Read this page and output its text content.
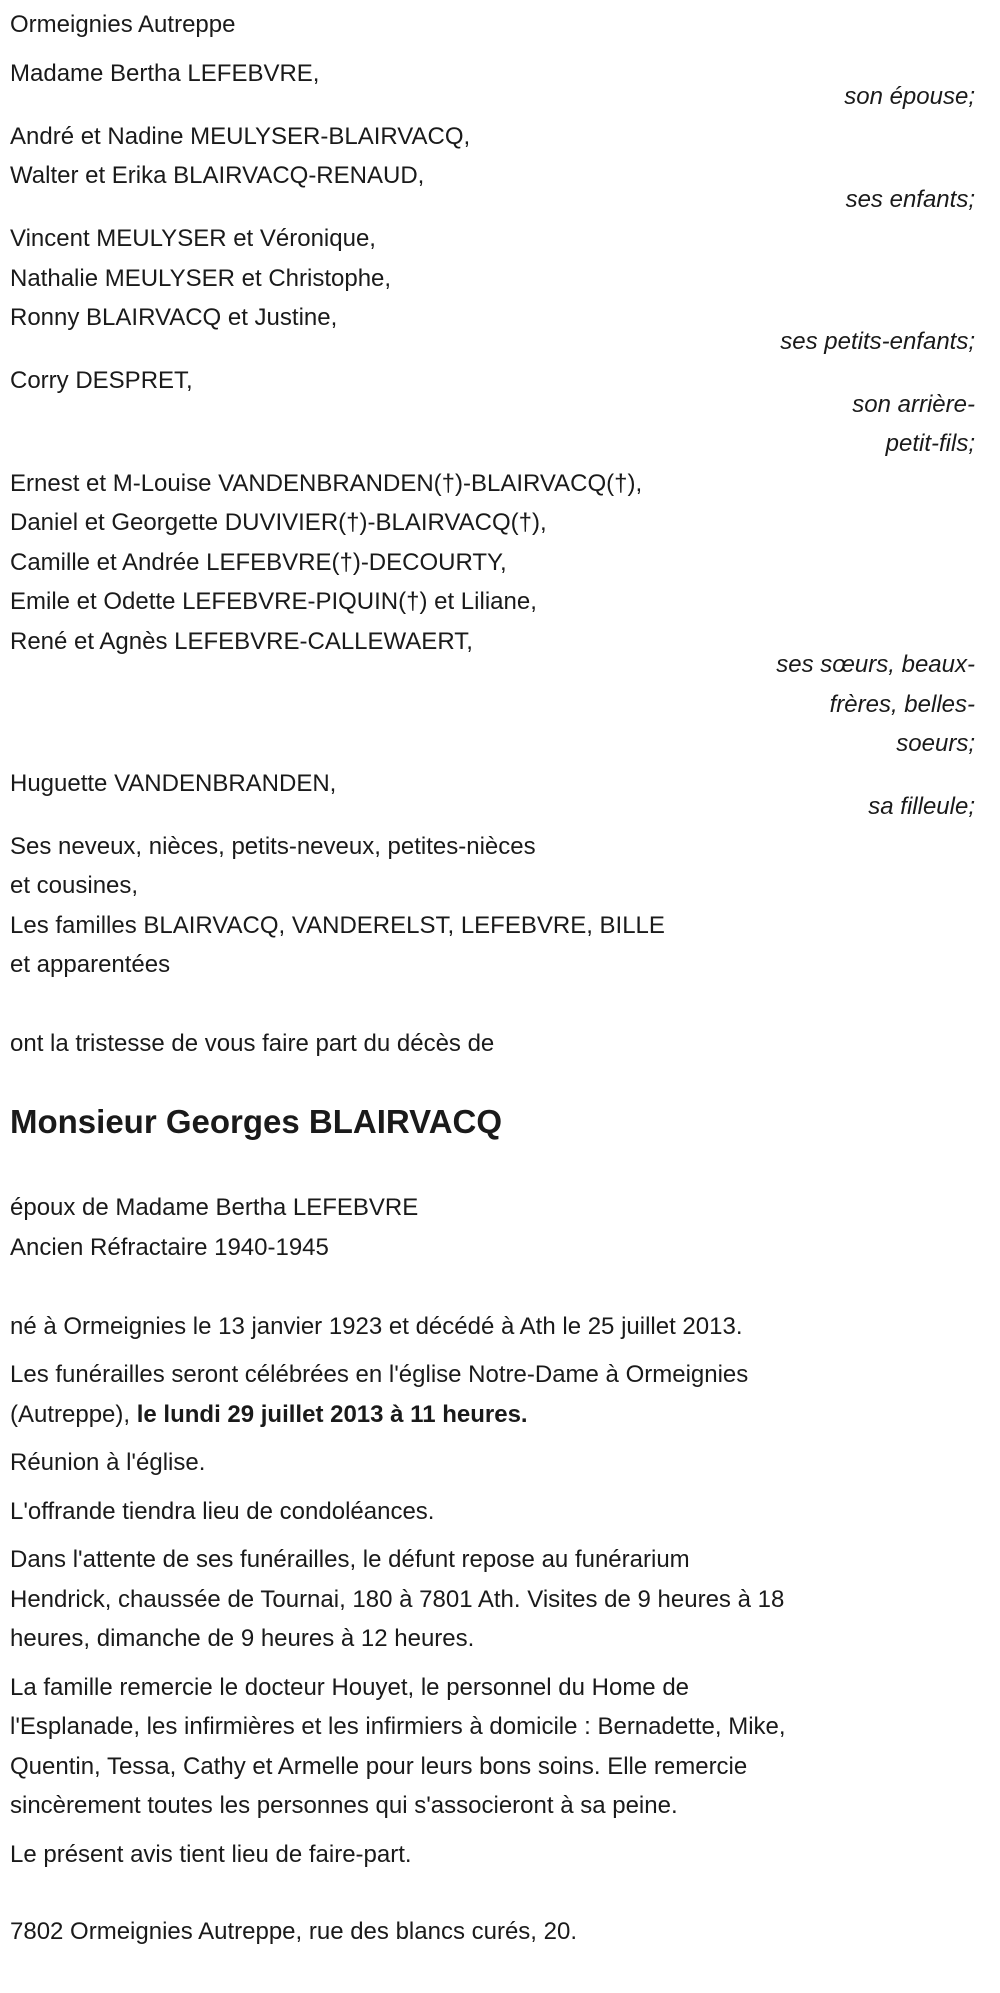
Ormeignies Autreppe
Madame Bertha LEFEBVRE,
son épouse;
André et Nadine MEULYSER-BLAIRVACQ,
Walter et Erika BLAIRVACQ-RENAUD,
ses enfants;
Vincent MEULYSER et Véronique,
Nathalie MEULYSER et Christophe,
Ronny BLAIRVACQ et Justine,
ses petits-enfants;
Corry DESPRET,
son arrière-
petit-fils;
Ernest et M-Louise VANDENBRANDEN(†)-BLAIRVACQ(†),
Daniel et Georgette DUVIVIER(†)-BLAIRVACQ(†),
Camille et Andrée LEFEBVRE(†)-DECOURTY,
Emile et Odette LEFEBVRE-PIQUIN(†) et Liliane,
René et Agnès LEFEBVRE-CALLEWAERT,
ses sœurs, beaux-
frères, belles-
soeurs;
Huguette VANDENBRANDEN,
sa filleule;
Ses neveux, nièces, petits-neveux, petites-nièces
et cousines,
Les familles BLAIRVACQ, VANDERELST, LEFEBVRE, BILLE
et apparentées
ont la tristesse de vous faire part du décès de
Monsieur Georges BLAIRVACQ
époux de Madame Bertha LEFEBVRE
Ancien Réfractaire 1940-1945
né à Ormeignies le 13 janvier 1923 et décédé à Ath le 25 juillet 2013.
Les funérailles seront célébrées en l'église Notre-Dame à Ormeignies
(Autreppe), le lundi 29 juillet 2013 à 11 heures.
Réunion à l'église.
L'offrande tiendra lieu de condoléances.
Dans l'attente de ses funérailles, le défunt repose au funérarium
Hendrick, chaussée de Tournai, 180 à 7801 Ath. Visites de 9 heures à 18
heures, dimanche de 9 heures à 12 heures.
La famille remercie le docteur Houyet, le personnel du Home de
l'Esplanade, les infirmières et les infirmiers à domicile : Bernadette, Mike,
Quentin, Tessa, Cathy et Armelle pour leurs bons soins. Elle remercie
sincèrement toutes les personnes qui s'associeront à sa peine.
Le présent avis tient lieu de faire-part.
7802 Ormeignies Autreppe, rue des blancs curés, 20.
